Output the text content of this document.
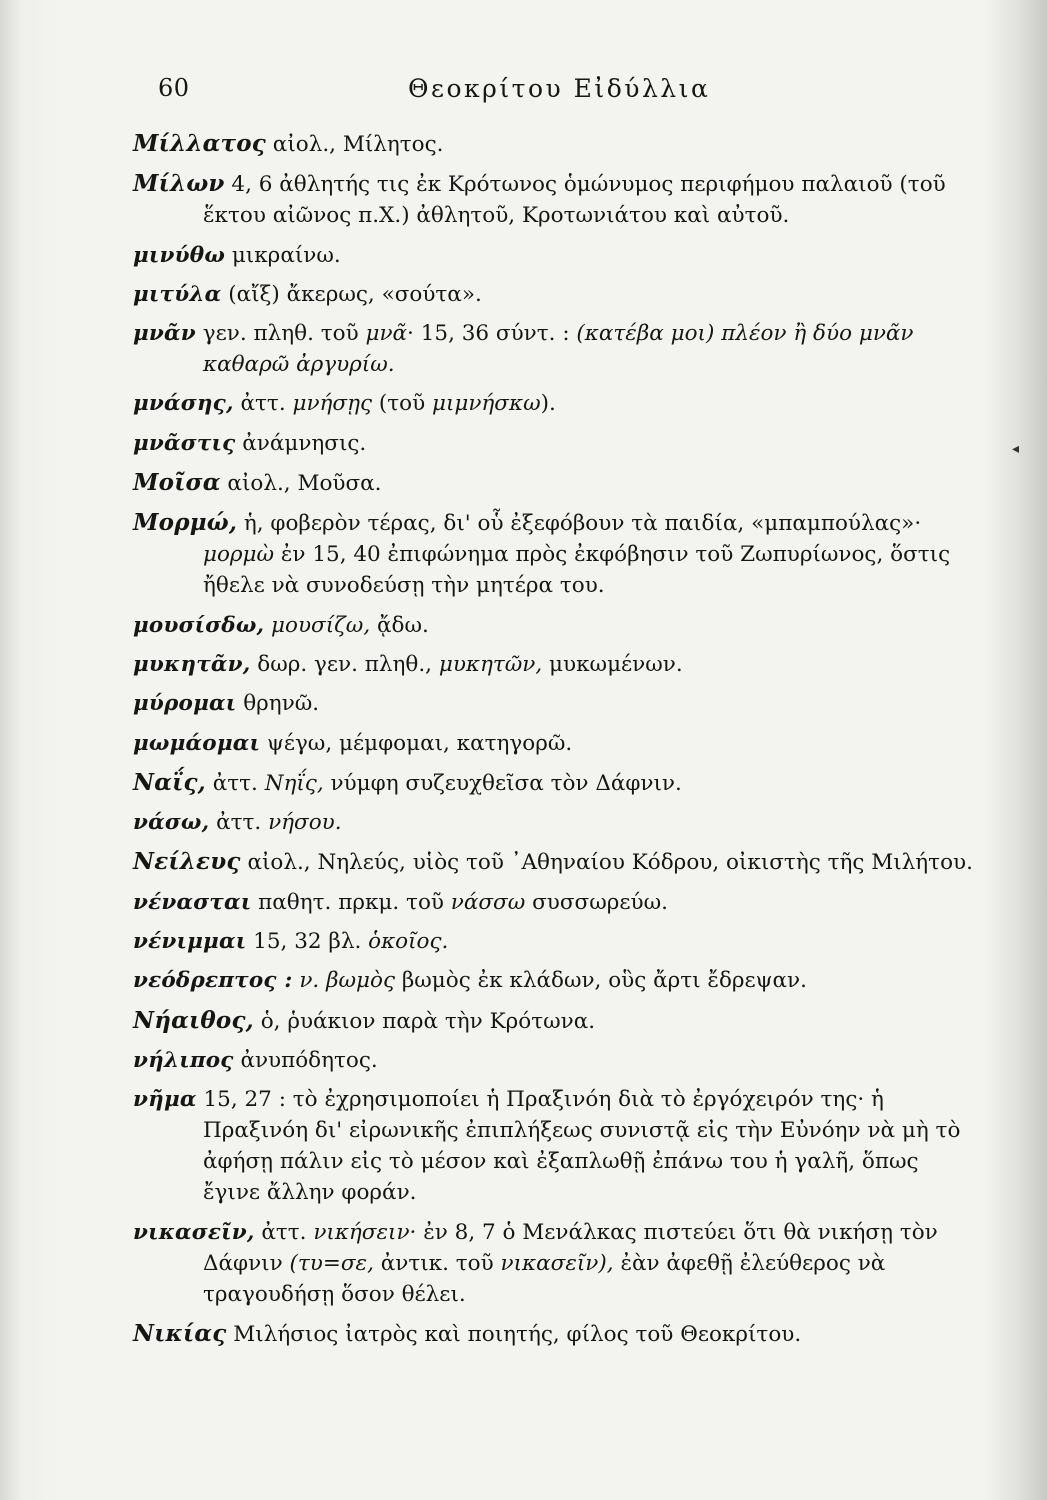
60	Θεοκρίτου Εἰδύλλια

Μίλλατος αἰολ., Μίλητος.

Μίλων 4, 6 ἀθλητής τις ἐκ Κρότωνος ὁμώνυμος περιφήμου παλαιοῦ (τοῦ ἕκτου αἰῶνος π.Χ.) ἀθλητοῦ, Κροτωνιάτου καὶ αὐτοῦ.

μινύθω μικραίνω.

μιτύλα (αἴξ) ἄκερως, «σούτα».

μνᾶν γεν. πληθ. τοῦ μνᾶ· 15, 36 σύντ. : (κατέβα μοι) πλέον ἢ δύο μνᾶν καθαρῶ ἀργυρίω.

μνάσης, ἀττ. μνήσῃς (τοῦ μιμνήσκω).

μνᾶστις ἀνάμνησις.

Μοῖσα αἰολ., Μοῦσα.

Μορμώ, ἡ, φοβερὸν τέρας, δι' οὗ ἐξεφόβουν τὰ παιδία, «μπαμπούλας»· μορμὼ ἐν 15, 40 ἐπιφώνημα πρὸς ἐκφόβησιν τοῦ Ζωπυρίωνος, ὅστις ἤθελε νὰ συνοδεύσῃ τὴν μητέρα του.

μουσίσδω, μουσίζω, ᾄδω.

μυκητᾶν, δωρ. γεν. πληθ., μυκητῶν, μυκωμένων.

μύρομαι θρηνῶ.

μωμάομαι ψέγω, μέμφομαι, κατηγορῶ.

Ναΐς, ἀττ. Νηΐς, νύμφη συζευχθεῖσα τὸν Δάφνιν.

νάσω, ἀττ. νήσου.

Νείλευς αἰολ., Νηλεύς, υἱὸς τοῦ ᾿Αθηναίου Κόδρου, οἰκιστὴς τῆς Μιλήτου.

νένασται παθητ. πρκμ. τοῦ νάσσω συσσωρεύω.

νένιμμαι 15, 32 βλ. ὁκοῖος.

νεόδρεπτος : ν. βωμὸς βωμὸς ἐκ κλάδων, οὓς ἄρτι ἔδρεψαν.

Νήαιθος, ὁ, ῥυάκιον παρὰ τὴν Κρότωνα.

νήλιπος ἀνυπόδητος.

νῆμα 15, 27 : τὸ ἐχρησιμοποίει ἡ Πραξινόη διὰ τὸ ἐργόχειρόν της· ἡ Πραξινόη δι' εἰρωνικῆς ἐπιπλήξεως συνιστᾷ εἰς τὴν Εὐνόην νὰ μὴ τὸ ἀφήσῃ πάλιν εἰς τὸ μέσον καὶ ἐξαπλωθῇ ἐπάνω του ἡ γαλῆ, ὅπως ἔγινε ἄλλην φοράν.

νικασεῖν, ἀττ. νικήσειν· ἐν 8, 7 ὁ Μενάλκας πιστεύει ὅτι θὰ νικήσῃ τὸν Δάφνιν (τυ=σε, ἀντικ. τοῦ νικασεῖν), ἐὰν ἀφεθῇ ἐλεύθερος νὰ τραγουδήσῃ ὅσον θέλει.

Νικίας Μιλήσιος ἰατρὸς καὶ ποιητής, φίλος τοῦ Θεοκρίτου.

◂
